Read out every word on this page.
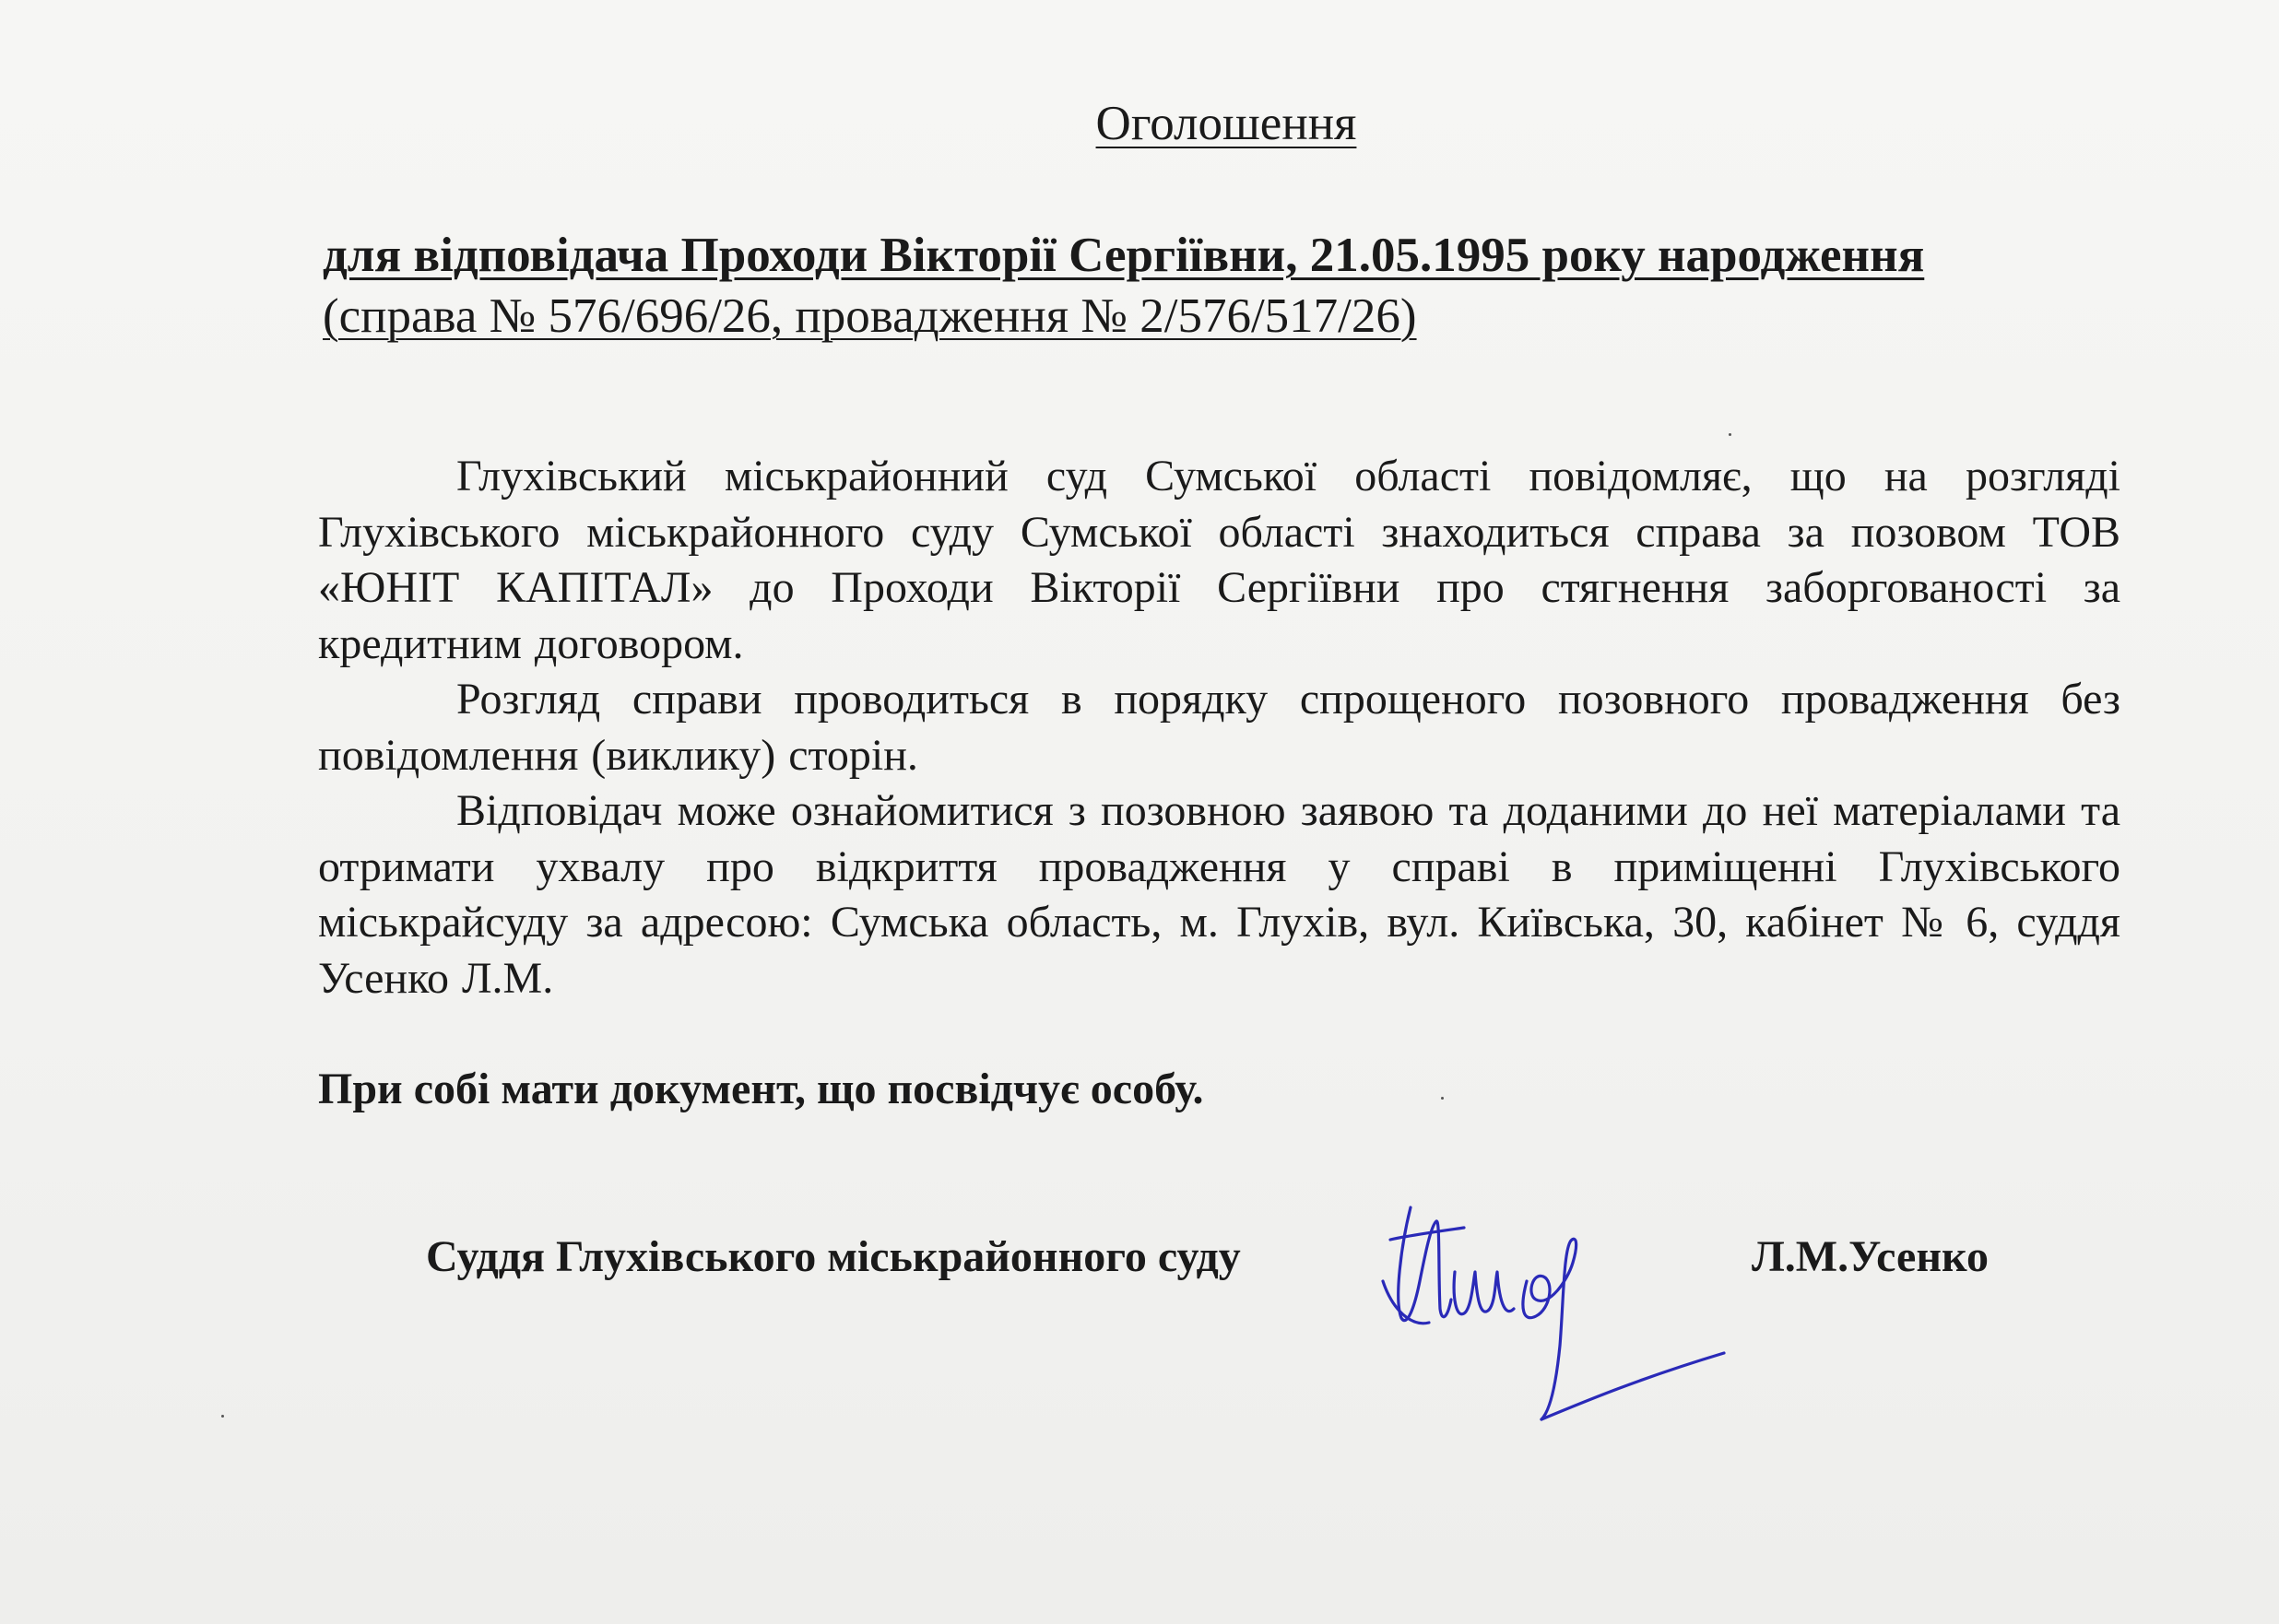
Оголошення
для відповідача Проходи Вікторії Сергіївни, 21.05.1995 року народження
(справа № 576/696/26, провадження № 2/576/517/26)

Глухівський міськрайонний суд Сумської області повідомляє, що на розгляді Глухівського міськрайонного суду Сумської області знаходиться справа за позовом ТОВ «ЮНІТ КАПІТАЛ» до Проходи Вікторії Сергіївни про стягнення заборгованості за кредитним договором.

Розгляд справи проводиться в порядку спрощеного позовного провадження без повідомлення (виклику) сторін.

Відповідач може ознайомитися з позовною заявою та доданими до неї матеріалами та отримати ухвалу про відкриття провадження у справі в приміщенні Глухівського міськрайсуду за адресою: Сумська область, м. Глухів, вул. Київська, 30, кабінет № 6, суддя Усенко Л.М.

При собі мати документ, що посвідчує особу.
Суддя Глухівського міськрайонного суду	Л.М.Усенко
